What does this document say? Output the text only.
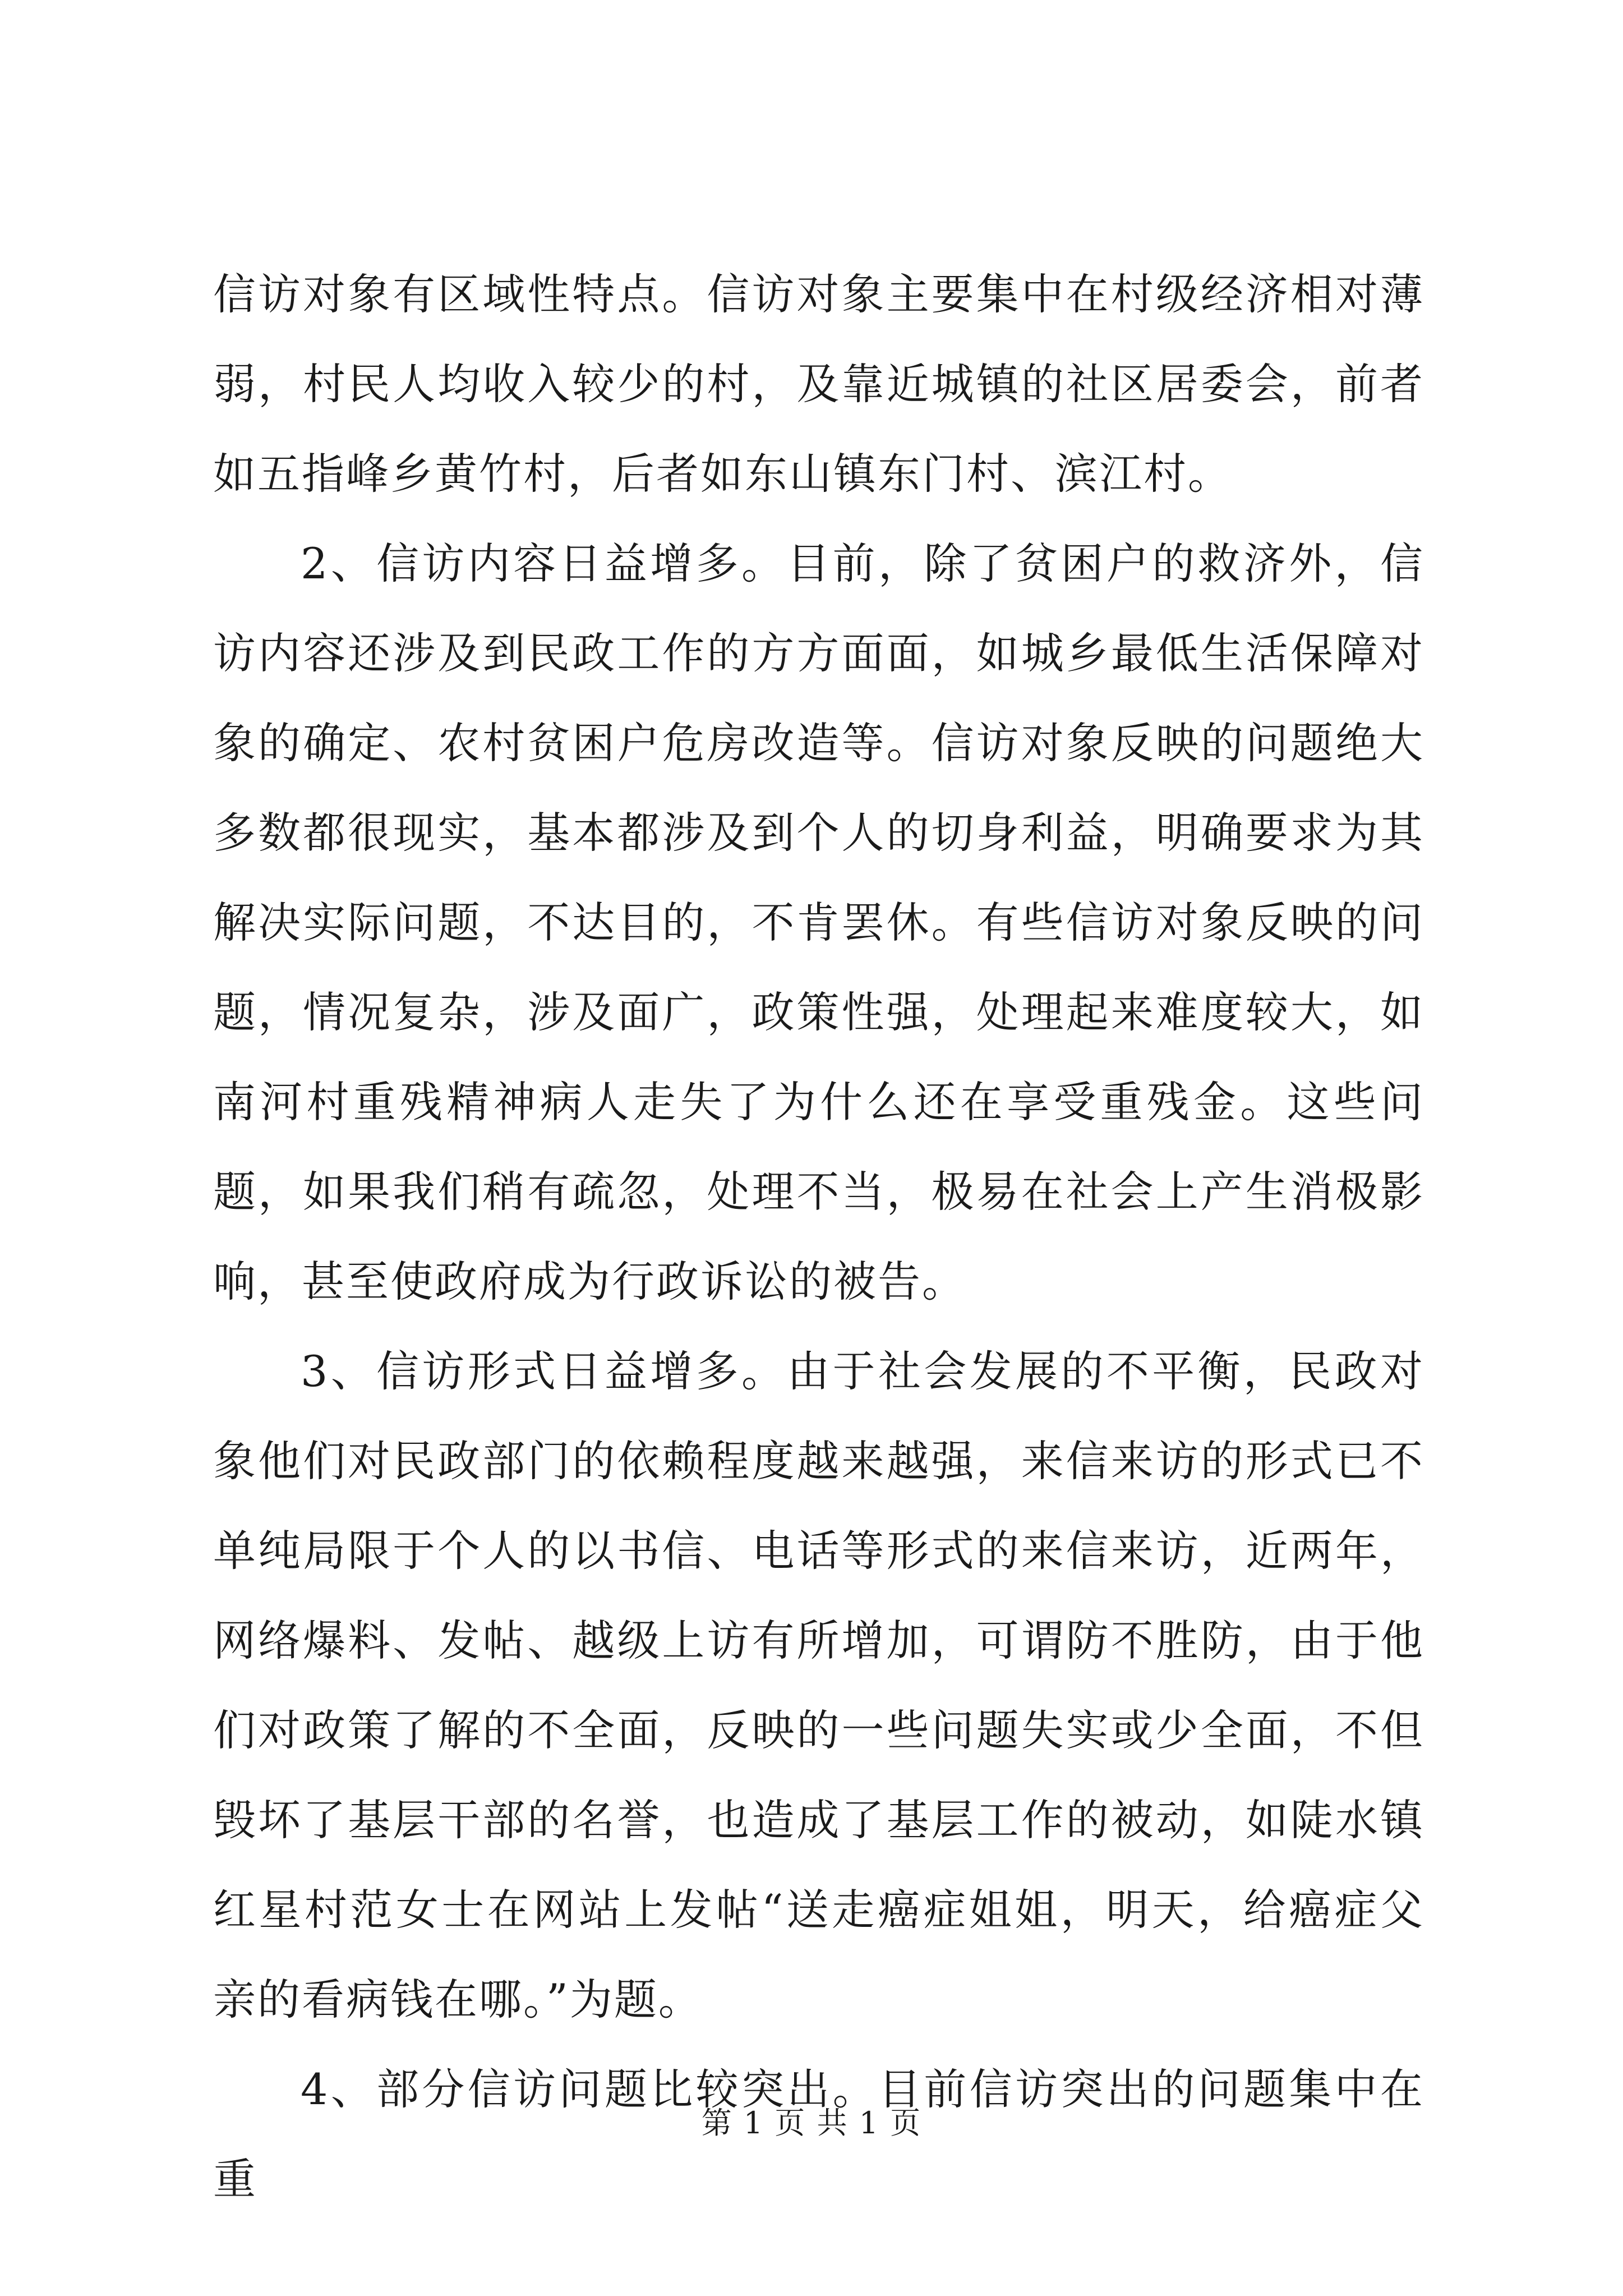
信访对象有区域性特点。信访对象主要集中在村级经济相对薄弱，村民人均收入较少的村，及靠近城镇的社区居委会，前者如五指峰乡黄竹村，后者如东山镇东门村、滨江村。

2、信访内容日益增多。目前，除了贫困户的救济外，信访内容还涉及到民政工作的方方面面，如城乡最低生活保障对象的确定、农村贫困户危房改造等。信访对象反映的问题绝大多数都很现实，基本都涉及到个人的切身利益，明确要求为其解决实际问题，不达目的，不肯罢休。有些信访对象反映的问题，情况复杂，涉及面广，政策性强，处理起来难度较大，如南河村重残精神病人走失了为什么还在享受重残金。这些问题，如果我们稍有疏忽，处理不当，极易在社会上产生消极影响，甚至使政府成为行政诉讼的被告。

3、信访形式日益增多。由于社会发展的不平衡，民政对象他们对民政部门的依赖程度越来越强，来信来访的形式已不单纯局限于个人的以书信、电话等形式的来信来访，近两年，网络爆料、发帖、越级上访有所增加，可谓防不胜防，由于他们对政策了解的不全面，反映的一些问题失实或少全面，不但毁坏了基层干部的名誉，也造成了基层工作的被动，如陡水镇红星村范女士在网站上发帖“送走癌症姐姐，明天，给癌症父亲的看病钱在哪。”为题。

4、部分信访问题比较突出。目前信访突出的问题集中在重

第 1 页 共 1 页
